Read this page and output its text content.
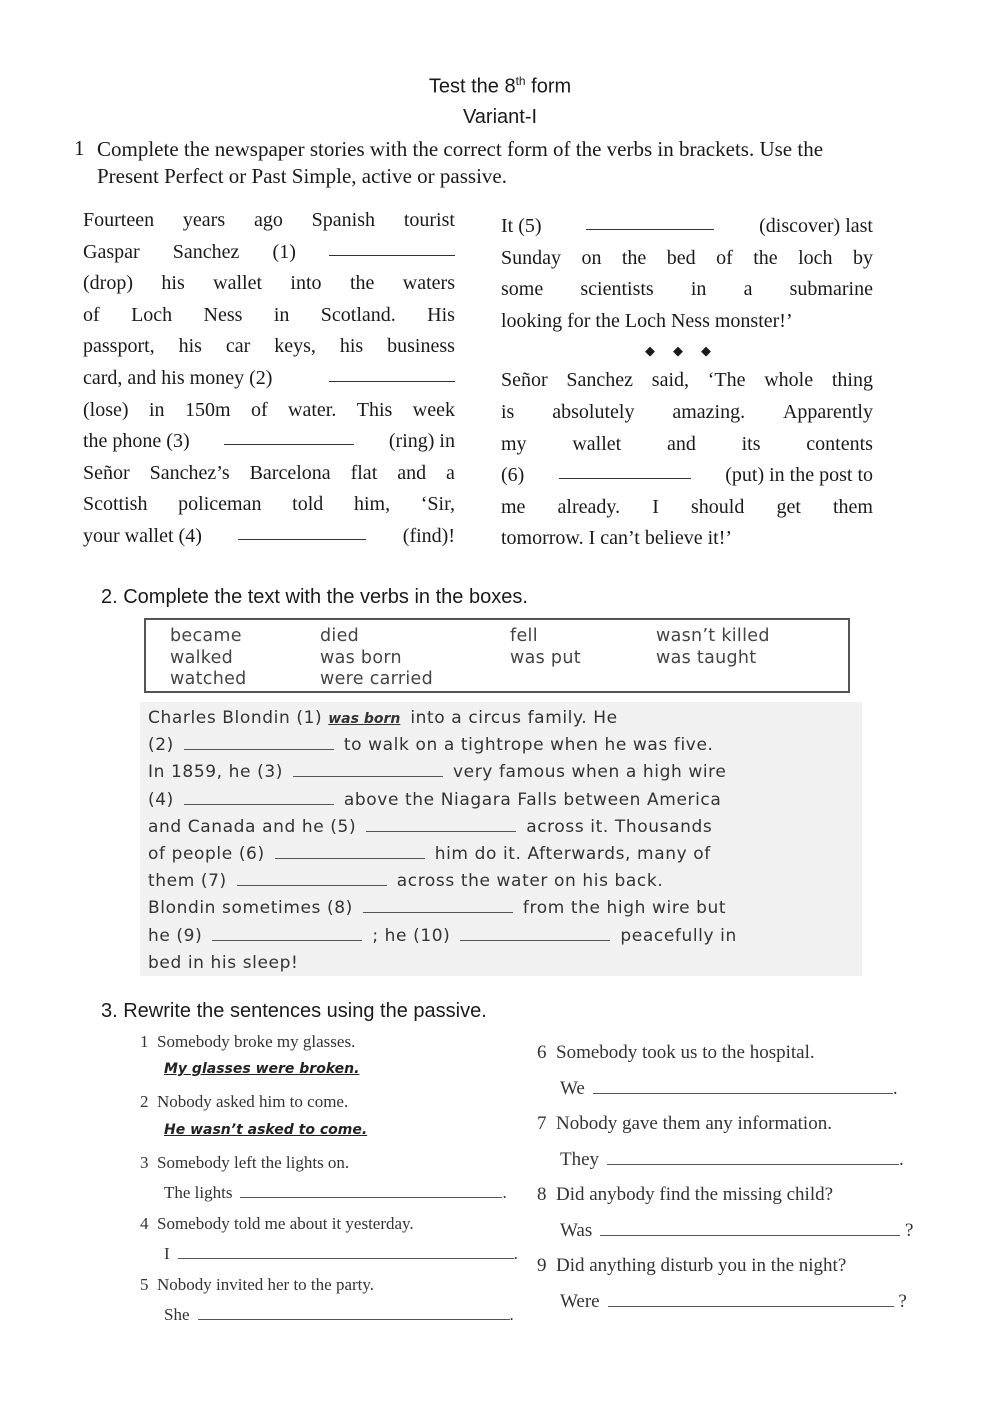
Test the 8th form
Variant-I
1 Complete the newspaper stories with the correct form of the verbs in brackets. Use the Present Perfect or Past Simple, active or passive.
Fourteen years ago Spanish tourist
Gaspar Sanchez (1)
(drop) his wallet into the waters
of Loch Ness in Scotland. His
passport, his car keys, his business
card, and his money (2)
(lose) in 150m of water. This week
the phone (3)	(ring) in
Señor Sanchez’s Barcelona flat and a
Scottish policeman told him, ‘Sir,
your wallet (4)	(find)!
It (5)	(discover) last
Sunday on the bed of the loch by
some scientists in a submarine
looking for the Loch Ness monster!’
◆◆◆
Señor Sanchez said, ‘The whole thing
is absolutely amazing. Apparently
my wallet and its contents
(6)	(put) in the post to
me already. I should get them
tomorrow. I can’t believe it!’
2. Complete the text with the verbs in the boxes.
became	died	fell	wasn’t killed
walked	was born	was put	was taught
watched	were carried
Charles Blondin (1) was born into a circus family. He
(2)	to walk on a tightrope when he was five.
In 1859, he (3)	very famous when a high wire
(4)	above the Niagara Falls between America
and Canada and he (5)	across it. Thousands
of people (6)	him do it. Afterwards, many of
them (7)	across the water on his back.
Blondin sometimes (8)	from the high wire but
he (9)	; he (10)	peacefully in
bed in his sleep!
3. Rewrite the sentences using the passive.
1 Somebody broke my glasses.
My glasses were broken.
2 Nobody asked him to come.
He wasn’t asked to come.
3 Somebody left the lights on.
The lights	.
4 Somebody told me about it yesterday.
I	.
5 Nobody invited her to the party.
She	.
6 Somebody took us to the hospital.
We	.
7 Nobody gave them any information.
They	.
8 Did anybody find the missing child?
Was	?
9 Did anything disturb you in the night?
Were	?
